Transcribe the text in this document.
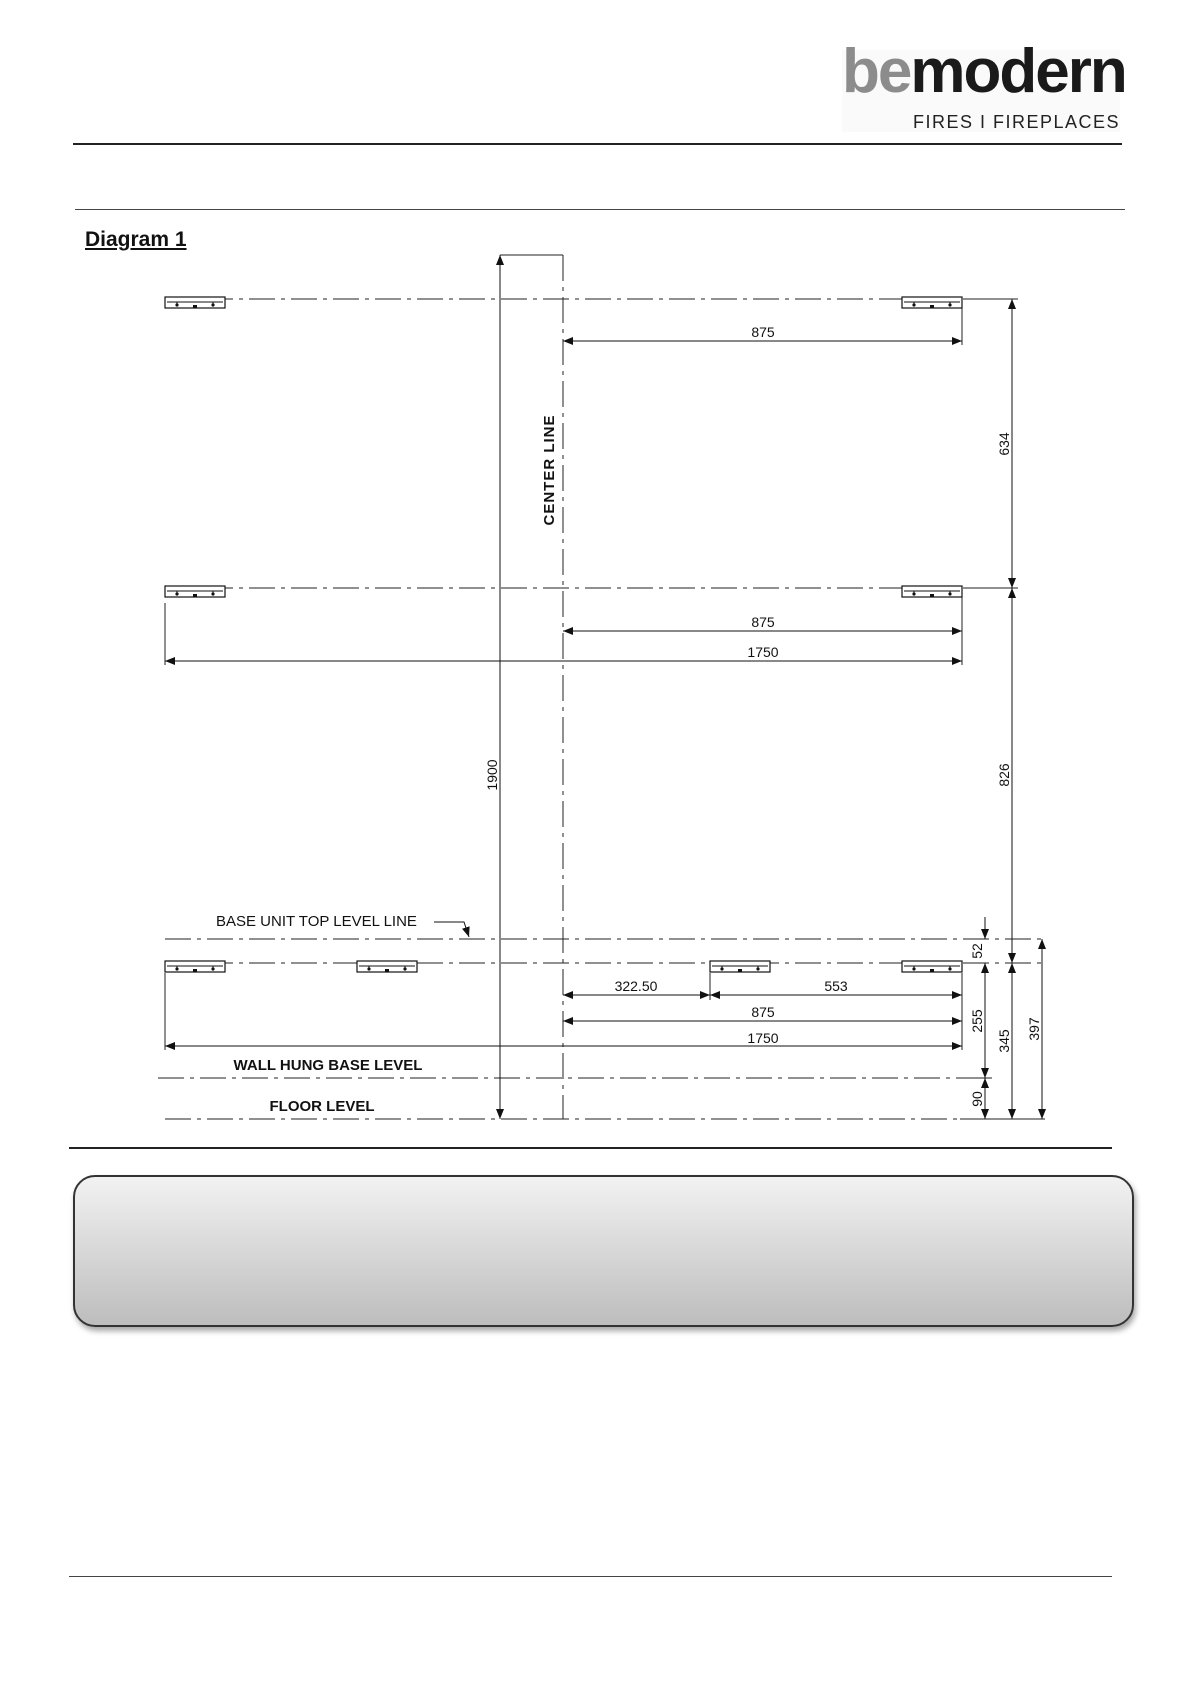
bemodern
FIRES I FIREPLACES
Diagram 1
875
875
1750
322.50	553
875
1750
1900
634
826
52
255
90
345
397
CENTER LINE
BASE UNIT TOP LEVEL LINE
WALL HUNG BASE LEVEL
FLOOR LEVEL
